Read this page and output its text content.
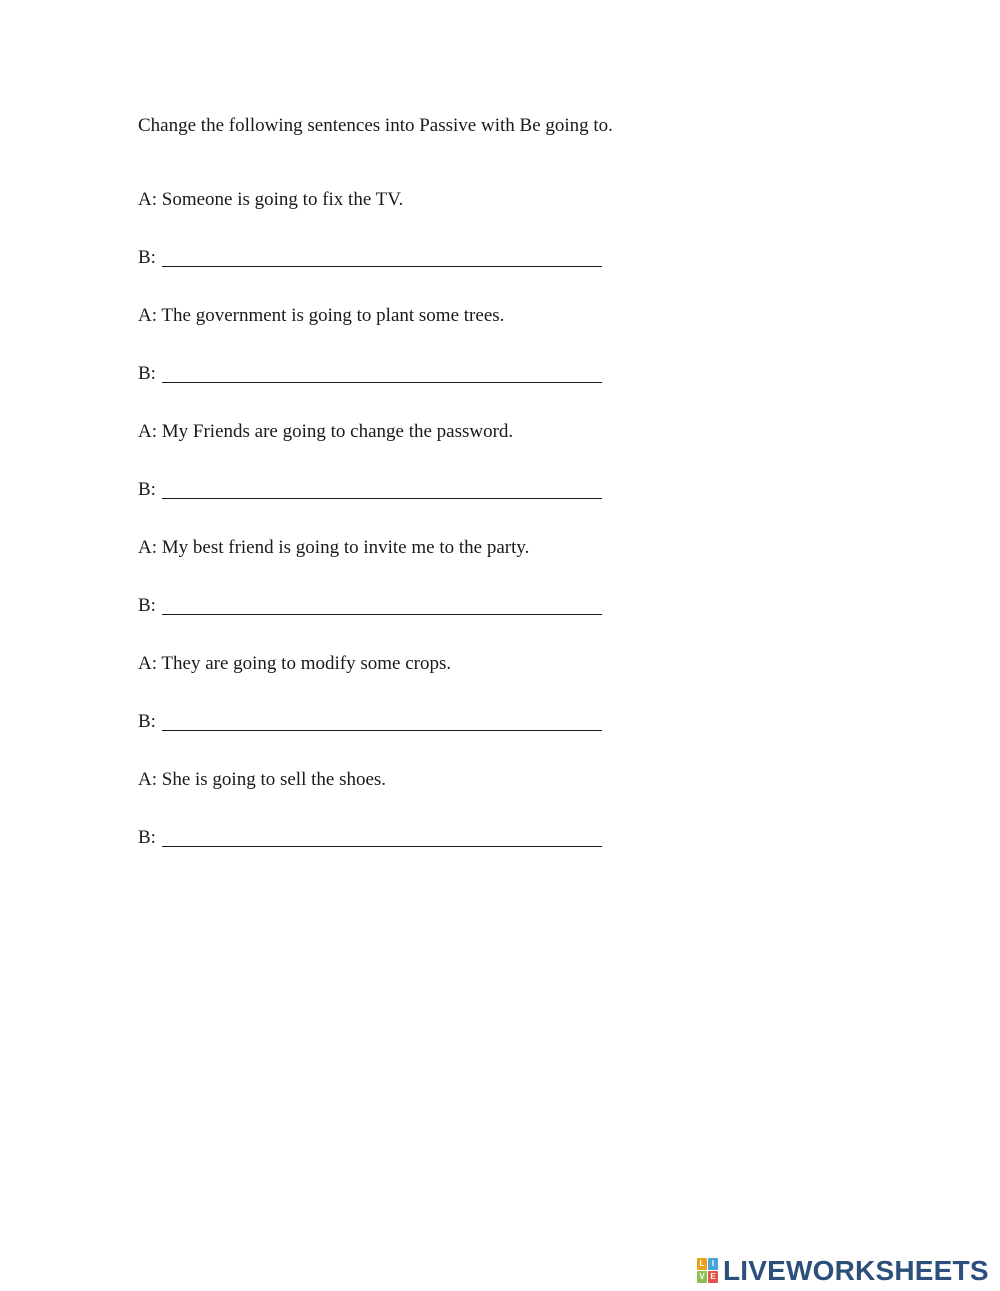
Change the following sentences into Passive with Be going to.
A: Someone is going to fix the TV.
B:
A: The government is going to plant some trees.
B:
A: My Friends are going to change the password.
B:
A: My best friend is going to invite me to the party.
B:
A: They are going to modify some crops.
B:
A: She is going to sell the shoes.
B:
L I
V E LIVEWORKSHEETS
